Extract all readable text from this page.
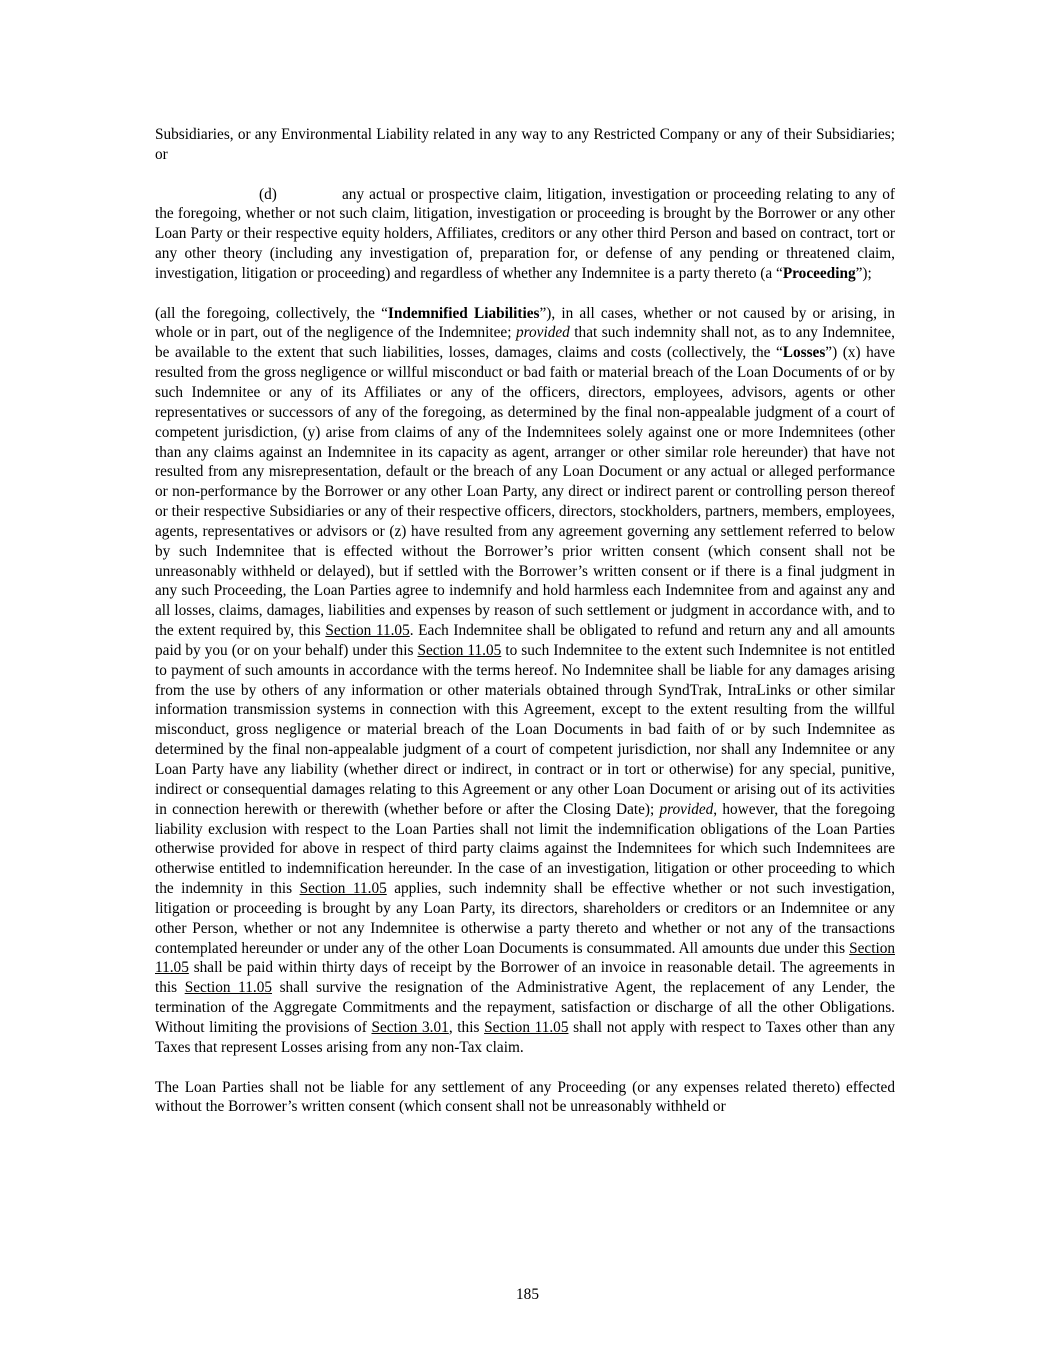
Subsidiaries, or any Environmental Liability related in any way to any Restricted Company or any of their Subsidiaries; or

(d)	any actual or prospective claim, litigation, investigation or proceeding relating to any of the foregoing, whether or not such claim, litigation, investigation or proceeding is brought by the Borrower or any other Loan Party or their respective equity holders, Affiliates, creditors or any other third Person and based on contract, tort or any other theory (including any investigation of, preparation for, or defense of any pending or threatened claim, investigation, litigation or proceeding) and regardless of whether any Indemnitee is a party thereto (a “Proceeding”);

(all the foregoing, collectively, the “Indemnified Liabilities”), in all cases, whether or not caused by or arising, in whole or in part, out of the negligence of the Indemnitee; provided that such indemnity shall not, as to any Indemnitee, be available to the extent that such liabilities, losses, damages, claims and costs (collectively, the “Losses”) (x) have resulted from the gross negligence or willful misconduct or bad faith or material breach of the Loan Documents of or by such Indemnitee or any of its Affiliates or any of the officers, directors, employees, advisors, agents or other representatives or successors of any of the foregoing, as determined by the final non-appealable judgment of a court of competent jurisdiction, (y) arise from claims of any of the Indemnitees solely against one or more Indemnitees (other than any claims against an Indemnitee in its capacity as agent, arranger or other similar role hereunder) that have not resulted from any misrepresentation, default or the breach of any Loan Document or any actual or alleged performance or non-performance by the Borrower or any other Loan Party, any direct or indirect parent or controlling person thereof or their respective Subsidiaries or any of their respective officers, directors, stockholders, partners, members, employees, agents, representatives or advisors or (z) have resulted from any agreement governing any settlement referred to below by such Indemnitee that is effected without the Borrower’s prior written consent (which consent shall not be unreasonably withheld or delayed), but if settled with the Borrower’s written consent or if there is a final judgment in any such Proceeding, the Loan Parties agree to indemnify and hold harmless each Indemnitee from and against any and all losses, claims, damages, liabilities and expenses by reason of such settlement or judgment in accordance with, and to the extent required by, this Section 11.05. Each Indemnitee shall be obligated to refund and return any and all amounts paid by you (or on your behalf) under this Section 11.05 to such Indemnitee to the extent such Indemnitee is not entitled to payment of such amounts in accordance with the terms hereof. No Indemnitee shall be liable for any damages arising from the use by others of any information or other materials obtained through SyndTrak, IntraLinks or other similar information transmission systems in connection with this Agreement, except to the extent resulting from the willful misconduct, gross negligence or material breach of the Loan Documents in bad faith of or by such Indemnitee as determined by the final non-appealable judgment of a court of competent jurisdiction, nor shall any Indemnitee or any Loan Party have any liability (whether direct or indirect, in contract or in tort or otherwise) for any special, punitive, indirect or consequential damages relating to this Agreement or any other Loan Document or arising out of its activities in connection herewith or therewith (whether before or after the Closing Date); provided, however, that the foregoing liability exclusion with respect to the Loan Parties shall not limit the indemnification obligations of the Loan Parties otherwise provided for above in respect of third party claims against the Indemnitees for which such Indemnitees are otherwise entitled to indemnification hereunder. In the case of an investigation, litigation or other proceeding to which the indemnity in this Section 11.05 applies, such indemnity shall be effective whether or not such investigation, litigation or proceeding is brought by any Loan Party, its directors, shareholders or creditors or an Indemnitee or any other Person, whether or not any Indemnitee is otherwise a party thereto and whether or not any of the transactions contemplated hereunder or under any of the other Loan Documents is consummated. All amounts due under this Section 11.05 shall be paid within thirty days of receipt by the Borrower of an invoice in reasonable detail. The agreements in this Section 11.05 shall survive the resignation of the Administrative Agent, the replacement of any Lender, the termination of the Aggregate Commitments and the repayment, satisfaction or discharge of all the other Obligations. Without limiting the provisions of Section 3.01, this Section 11.05 shall not apply with respect to Taxes other than any Taxes that represent Losses arising from any non-Tax claim.

The Loan Parties shall not be liable for any settlement of any Proceeding (or any expenses related thereto) effected without the Borrower’s written consent (which consent shall not be unreasonably withheld or

185
